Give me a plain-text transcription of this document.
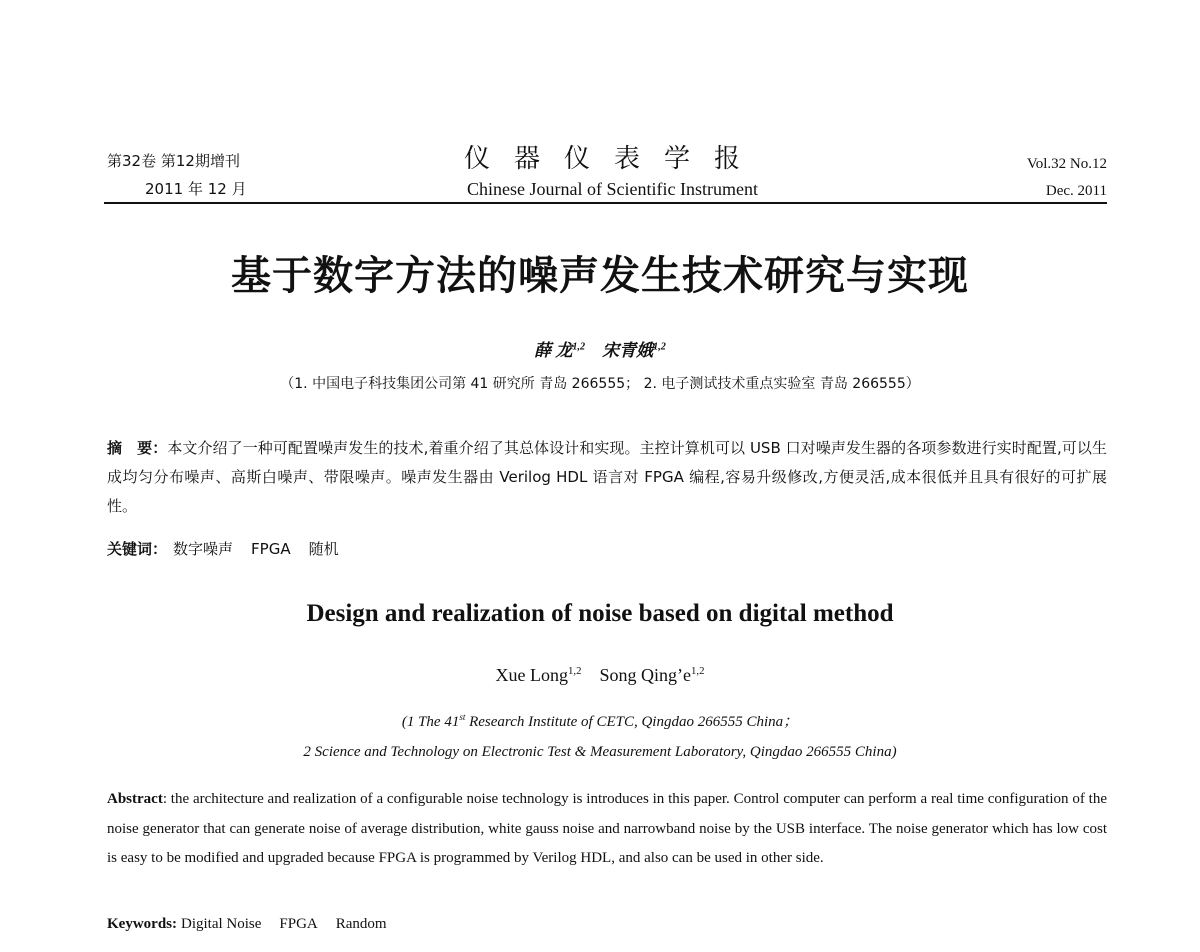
第32卷 第12期增刊
2011 年 12 月
仪器仪表学报
Chinese Journal of Scientific Instrument
Vol.32 No.12
Dec. 2011
基于数字方法的噪声发生技术研究与实现
薛 龙$^{1,2}$ 宋青娥$^{1,2}$
（1. 中国电子科技集团公司第 41 研究所 青岛 266555； 2. 电子测试技术重点实验室 青岛 266555）
摘　要：本文介绍了一种可配置噪声发生的技术,着重介绍了其总体设计和实现。主控计算机可以 USB 口对噪声发生器的各项参数进行实时配置,可以生成均匀分布噪声、高斯白噪声、带限噪声。噪声发生器由 Verilog HDL 语言对 FPGA 编程,容易升级修改,方便灵活,成本很低并且具有很好的可扩展性。
关键词： 数字噪声 FPGA 随机
Design and realization of noise based on digital method
Xue Long$^{1,2}$ Song $Qing’e^{1,2}$
(1 The 41st Research Institute of CETC, Qingdao 266555 China；
2 Science and Technology on Electronic Test & Measurement Laboratory, Qingdao 266555 China)
Abstract: the architecture and realization of a configurable noise technology is introduces in this paper. Control computer can perform a real time configuration of the noise generator that can generate noise of average distribution, white gauss noise and narrowband noise by the USB interface. The noise generator which has low cost is easy to be modified and upgraded because FPGA is programmed by Verilog HDL, and also can be used in other side.
Keywords: Digital Noise FPGA Random
